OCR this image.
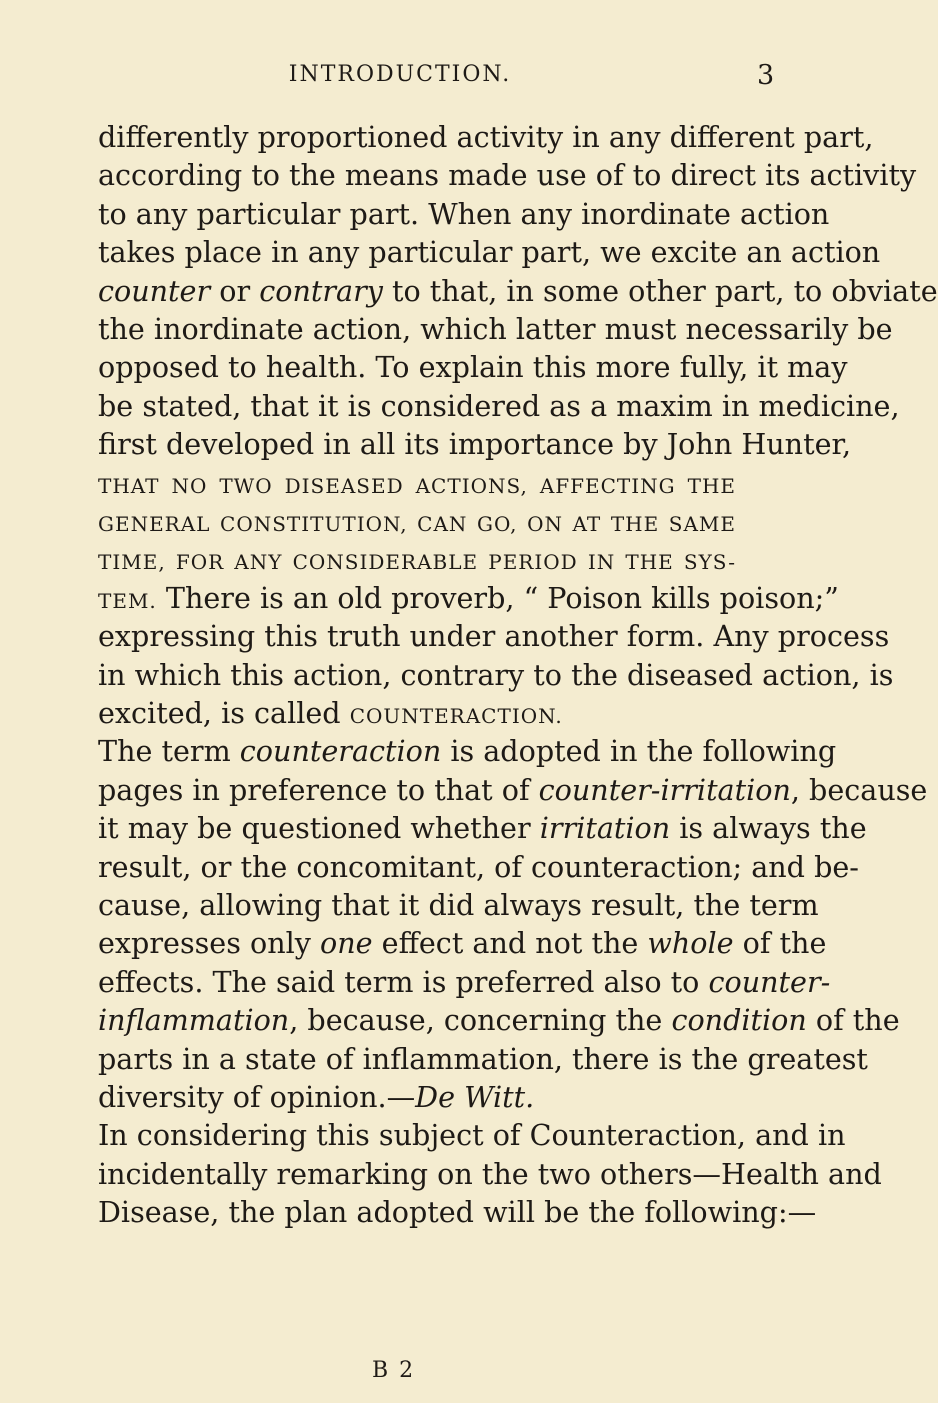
INTRODUCTION.	3
differently proportioned activity in any different part,
according to the means made use of to direct its activity
to any particular part. When any inordinate action
takes place in any particular part, we excite an action
counter or contrary to that, in some other part, to obviate
the inordinate action, which latter must necessarily be
opposed to health. To explain this more fully, it may
be stated, that it is considered as a maxim in medicine,
first developed in all its importance by John Hunter,
THAT NO TWO DISEASED ACTIONS, AFFECTING THE
GENERAL CONSTITUTION, CAN GO, ON AT THE SAME
TIME, FOR ANY CONSIDERABLE PERIOD IN THE SYS-
TEM. There is an old proverb, “ Poison kills poison;”
expressing this truth under another form. Any process
in which this action, contrary to the diseased action, is
excited, is called COUNTERACTION.
The term counteraction is adopted in the following
pages in preference to that of counter-irritation, because
it may be questioned whether irritation is always the
result, or the concomitant, of counteraction; and be-
cause, allowing that it did always result, the term
expresses only one effect and not the whole of the
effects. The said term is preferred also to counter-
inflammation, because, concerning the condition of the
parts in a state of inflammation, there is the greatest
diversity of opinion.—De Witt.
In considering this subject of Counteraction, and in
incidentally remarking on the two others—Health and
Disease, the plan adopted will be the following:—
B 2
